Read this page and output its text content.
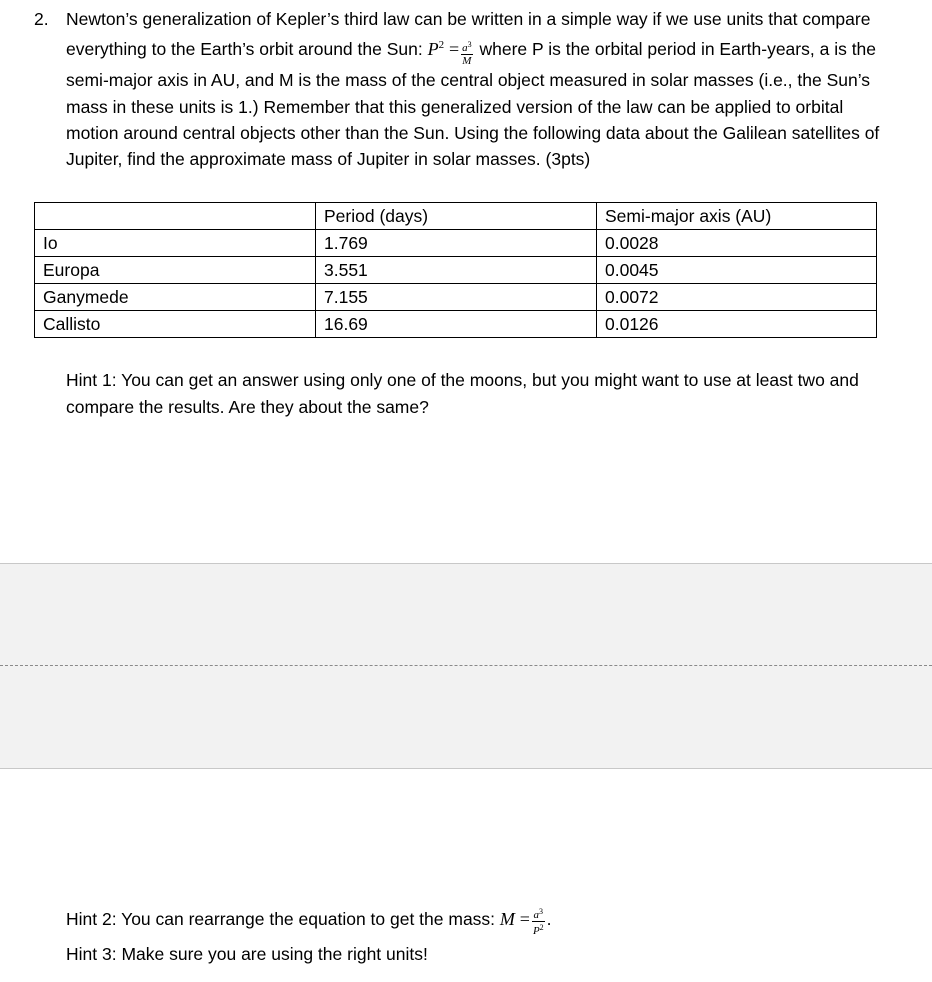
2. Newton’s generalization of Kepler’s third law can be written in a simple way if we use units that compare everything to the Earth’s orbit around the Sun: $P^2 = \frac{a^3}{M}$ where P is the orbital period in Earth-years, a is the semi-major axis in AU, and M is the mass of the central object measured in solar masses (i.e., the Sun’s mass in these units is 1.) Remember that this generalized version of the law can be applied to orbital motion around central objects other than the Sun. Using the following data about the Galilean satellites of Jupiter, find the approximate mass of Jupiter in solar masses. (3pts)
	Period (days)	Semi-major axis (AU)
Io	1.769	0.0028
Europa	3.551	0.0045
Ganymede	7.155	0.0072
Callisto	16.69	0.0126
Hint 1: You can get an answer using only one of the moons, but you might want to use at least two and compare the results. Are they about the same?
Hint 2: You can rearrange the equation to get the mass: $M = \frac{a^3}{P^2}$ .
Hint 3: Make sure you are using the right units!
